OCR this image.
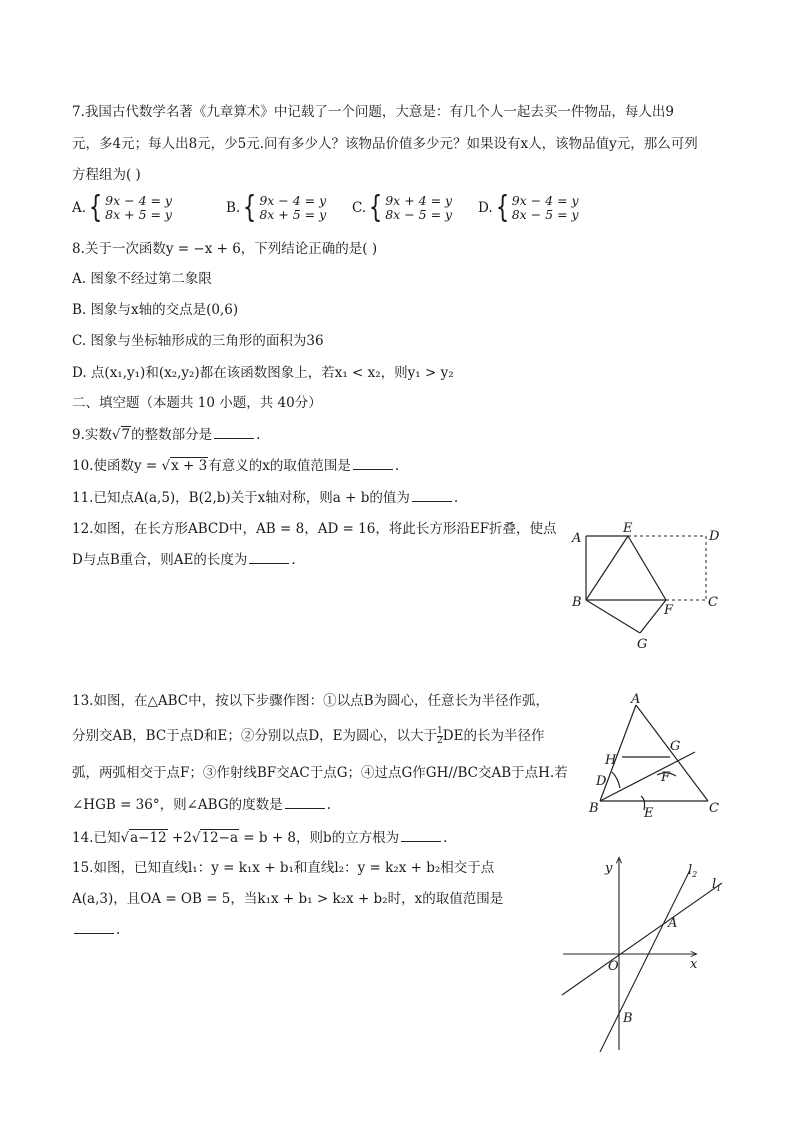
7.我国古代数学名著《九章算术》中记载了一个问题，大意是：有几个人一起去买一件物品，每人出9
元，多4元；每人出8元，少5元.问有多少人？该物品价值多少元？如果设有x人，该物品值y元，那么可列
方程组为( )
A. { 9x − 4 = y
8x + 5 = y	B. { 9x − 4 = y
8x + 5 = y C. { 9x + 4 = y
8x − 5 = y D. { 9x − 4 = y
8x − 5 = y
8.关于一次函数y = −x + 6，下列结论正确的是( )
A. 图象不经过第二象限
B. 图象与x轴的交点是(0,6)
C. 图象与坐标轴形成的三角形的面积为36
D. 点(x₁,y₁)和(x₂,y₂)都在该函数图象上，若x₁ < x₂，则y₁ > y₂
二、填空题（本题共 10 小题，共 40分）
9.实数√7的整数部分是	.
10.使函数y = √x + 3有意义的x的取值范围是	.
11.已知点A(a,5)，B(2,b)关于x轴对称，则a + b的值为	.
12.如图，在长方形ABCD中，AB = 8，AD = 16，将此长方形沿EF折叠，使点
D与点B重合，则AE的长度为	.
A
B	C
D
E
F
G
13.如图，在△ABC中，按以下步骤作图：①以点B为圆心，任意长为半径作弧，
分别交AB，BC于点D和E；②分别以点D，E为圆心，以大于 $\frac{1}{2}$ DE的长为半径作
弧，两弧相交于点F；③作射线BF交AC于点G；④过点G作GH//BC交AB于点H.若
∠HGB = 36°，则∠ABG的度数是	.
A
B	C
D
E
F
G
H
14.已知√a−12 +2√12−a = b + 8，则b的立方根为	.
15.如图，已知直线l₁：y = k₁x + b₁和直线l₂：y = k₂x + b₂相交于点
A(a,3)，且OA = OB = 5，当k₁x + b₁ > k₂x + b₂时，x的取值范围是
.
x
y
O
A
B
$l_1$
$l_2$
